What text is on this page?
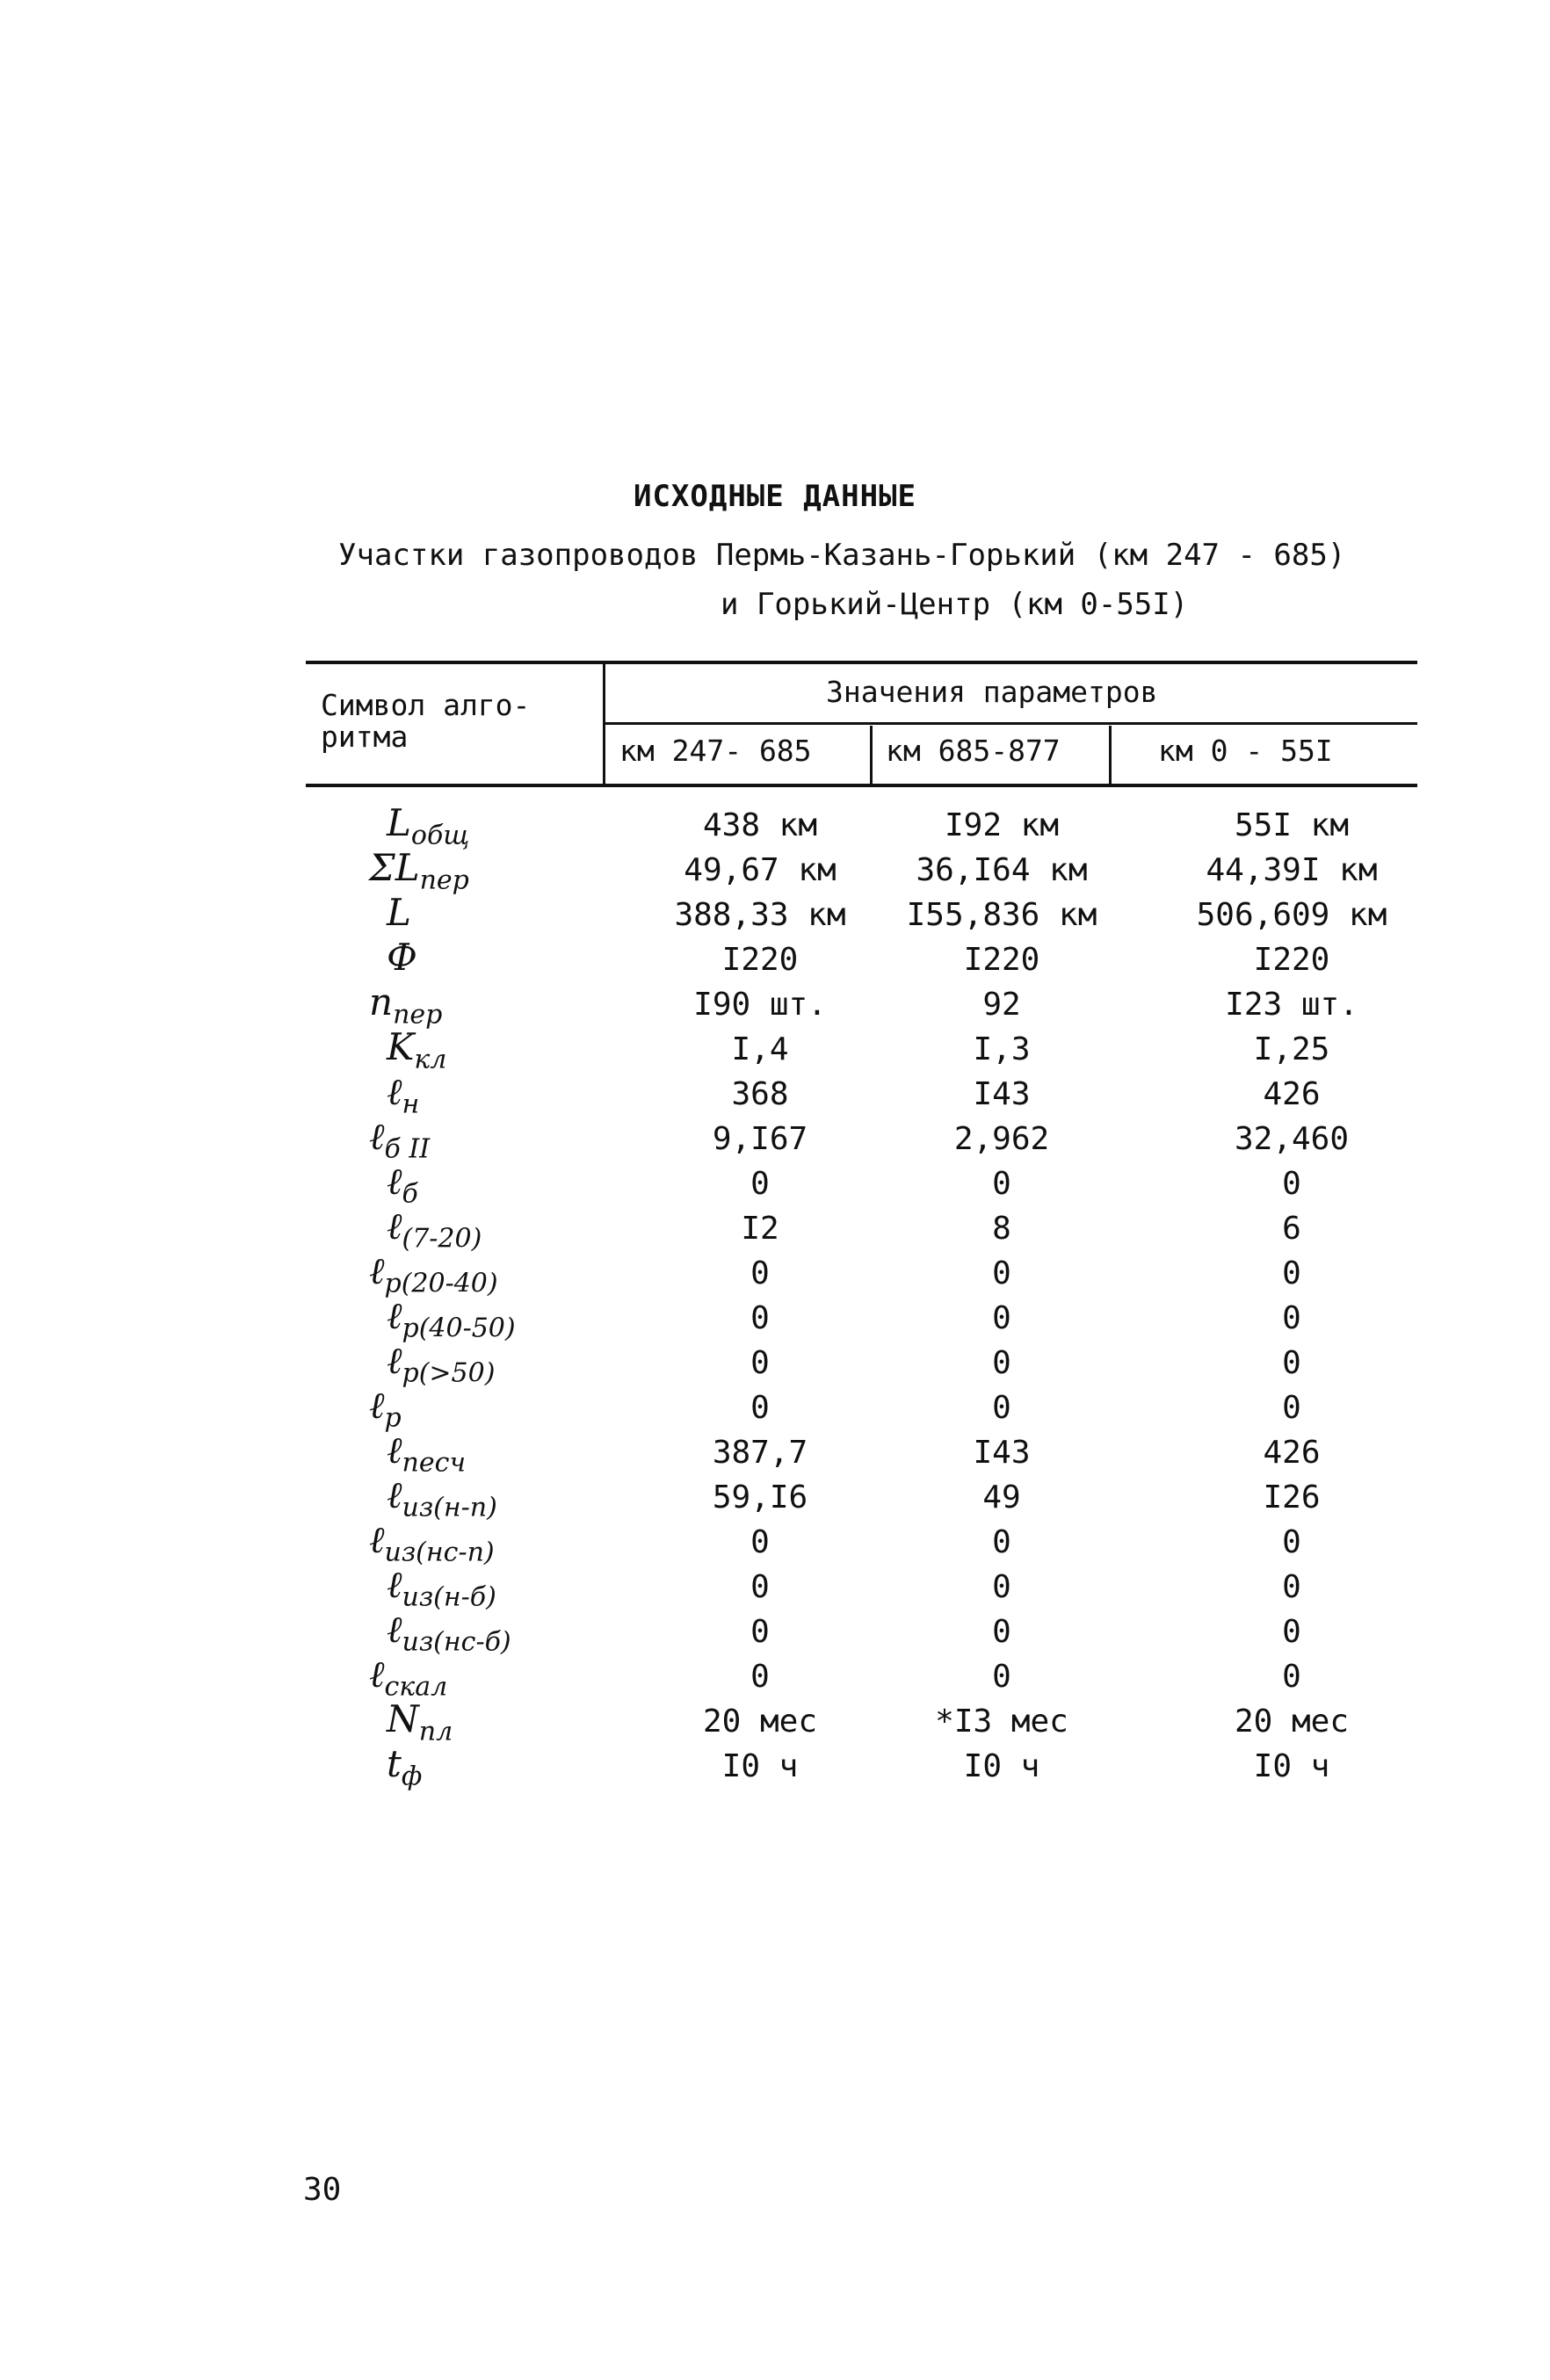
ИСХОДНЫЕ ДАННЫЕ
Участки газопроводов Пермь-Казань-Горький (км 247 - 685)
и Горький-Центр (км 0-55I)
Символ алго-
ритма
Значения параметров
км 247- 685	км 685-877	км 0 - 55I
$L_{общ}$	438 км	I92 км	55I км
$\Sigma L_{пер}$	49,67 км	36,I64 км	44,39I км
L	388,33 км	I55,836 км	506,609 км
Ф	I220	I220	I220
$n_{пер}$	I90 шт.	92	I23 шт.
$K_{кл}$	I,4	I,3	I,25
ℓ$_н$	368	I43	426
ℓ$_{б II}$	9,I67	2,962	32,460
ℓ$_б$	0	0	0
ℓ$_{(7-20)}$	I2	8	6
ℓ$_{р(20-40)}$	0	0	0
ℓ$_{р(40-50)}$	0	0	0
ℓ$_{р(>50)}$	0	0	0
ℓ$_р$	0	0	0
ℓ$_{песч}$	387,7	I43	426
ℓ$_{из(н-п)}$	59,I6	49	I26
ℓ$_{из(нс-п)}$	0	0	0
ℓ$_{из(н-б)}$	0	0	0
ℓ$_{из(нс-б)}$	0	0	0
ℓ$_{скал}$	0	0	0
$N_{пл}$	20 мес	*I3 мес	20 мес
$t_ф$	I0 ч	I0 ч	I0 ч
30
